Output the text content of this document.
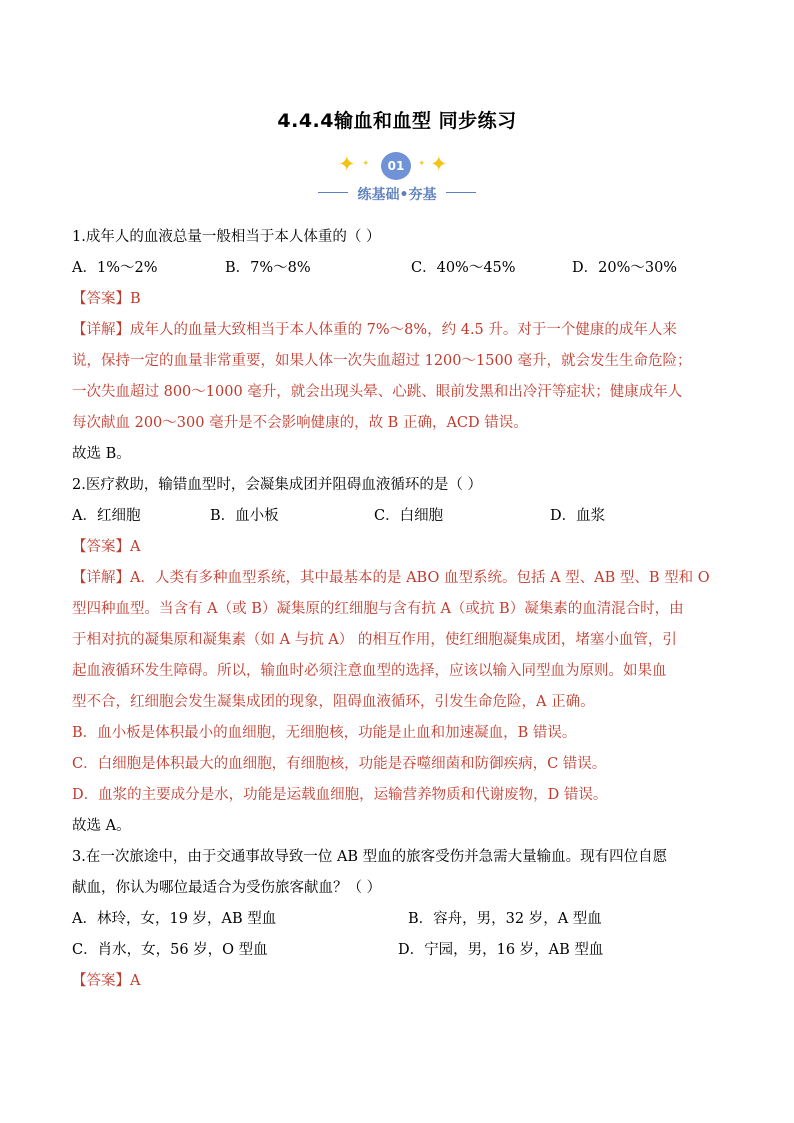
4.4.4输血和血型 同步练习
✦ ✦	01	✦ ✦
练基础•夯基
1.成年人的血液总量一般相当于本人体重的（ ）
A．1%～2%	B．7%～8%	C．40%～45%	D．20%～30%
【答案】B
【详解】成年人的血量大致相当于本人体重的 7%～8%，约 4.5 升。对于一个健康的成年人来
说，保持一定的血量非常重要，如果人体一次失血超过 1200～1500 毫升，就会发生生命危险；
一次失血超过 800～1000 毫升，就会出现头晕、心跳、眼前发黑和出冷汗等症状；健康成年人
每次献血 200～300 毫升是不会影响健康的，故 B 正确，ACD 错误。
故选 B。
2.医疗救助，输错血型时，会凝集成团并阻碍血液循环的是（ ）
A．红细胞	B．血小板	C．白细胞	D．血浆
【答案】A
【详解】A．人类有多种血型系统，其中最基本的是 ABO 血型系统。包括 A 型、AB 型、B 型和 O
型四种血型。当含有 A（或 B）凝集原的红细胞与含有抗 A（或抗 B）凝集素的血清混合时，由
于相对抗的凝集原和凝集素（如 A 与抗 A） 的相互作用，使红细胞凝集成团，堵塞小血管，引
起血液循环发生障碍。所以，输血时必须注意血型的选择，应该以输入同型血为原则。如果血
型不合，红细胞会发生凝集成团的现象，阻碍血液循环，引发生命危险，A 正确。
B．血小板是体积最小的血细胞，无细胞核，功能是止血和加速凝血，B 错误。
C．白细胞是体积最大的血细胞，有细胞核，功能是吞噬细菌和防御疾病，C 错误。
D．血浆的主要成分是水，功能是运载血细胞，运输营养物质和代谢废物，D 错误。
故选 A。
3.在一次旅途中，由于交通事故导致一位 AB 型血的旅客受伤并急需大量输血。现有四位自愿
献血，你认为哪位最适合为受伤旅客献血？（ ）
A．林玲，女，19 岁，AB 型血	B．容舟，男，32 岁，A 型血
C．肖水，女，56 岁，O 型血	D．宁园，男，16 岁，AB 型血
【答案】A
